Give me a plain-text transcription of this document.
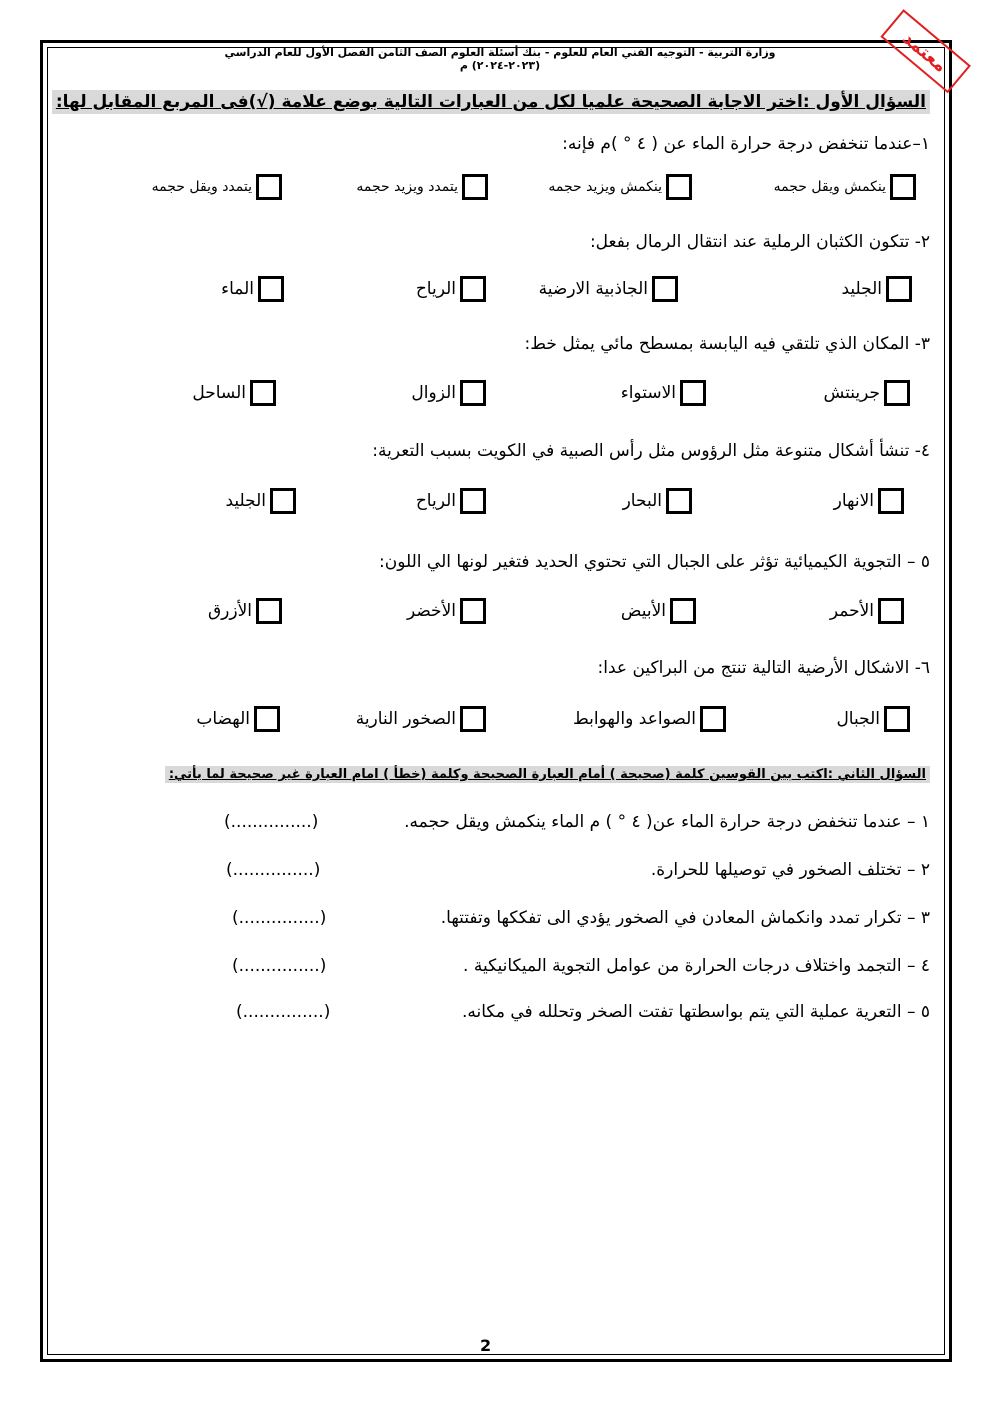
وزارة التربية - التوجيه الفني العام للعلوم - بنك أسئلة العلوم الصف الثامن الفصل الأول للعام الدراسي (٢٠٢٣-٢٠٢٤) م	معتمد
السؤال الأول :اختر الاجابة الصحيحة علميا لكل من العبارات التالية بوضع علامة (√)فى المربع المقابل لها:
١–عندما تنخفض درجة حرارة الماء عن ( ٤ ° )م فإنه:
ينكمش ويقل حجمه
ينكمش ويزيد حجمه
يتمدد ويزيد حجمه
يتمدد ويقل حجمه
٢- تتكون الكثبان الرملية عند انتقال الرمال بفعل:
الجليد
الجاذبية الارضية
الرياح
الماء
٣- المكان الذي تلتقي فيه اليابسة بمسطح مائي يمثل خط:
جرينتش
الاستواء
الزوال
الساحل
٤- تنشأ أشكال متنوعة مثل الرؤوس مثل رأس الصبية في الكويت بسبب التعرية:
الانهار
البحار
الرياح
الجليد
٥ – التجوية الكيميائية تؤثر على الجبال التي تحتوي الحديد فتغير لونها الي اللون:
الأحمر
الأبيض
الأخضر
الأزرق
٦- الاشكال الأرضية التالية تنتج من البراكين عدا:
الجبال
الصواعد والهوابط
الصخور النارية
الهضاب
السؤال الثاني :اكتب بين القوسين كلمة (صحيحة ) أمام العبارة الصحيحة وكلمة (خطأ ) امام العبارة غير صحيحة لما يأتي:
١ – عندما تنخفض درجة حرارة الماء عن( ٤ ° ) م الماء ينكمش ويقل حجمه.
(...............)
٢ – تختلف الصخور في توصيلها للحرارة.
(...............)
٣ – تكرار تمدد وانكماش المعادن في الصخور يؤدي الى تفككها وتفتتها.
(...............)
٤ – التجمد واختلاف درجات الحرارة من عوامل التجوية الميكانيكية .
(...............)
٥ – التعرية عملية التي يتم بواسطتها تفتت الصخر وتحلله في مكانه.
(...............)
2
